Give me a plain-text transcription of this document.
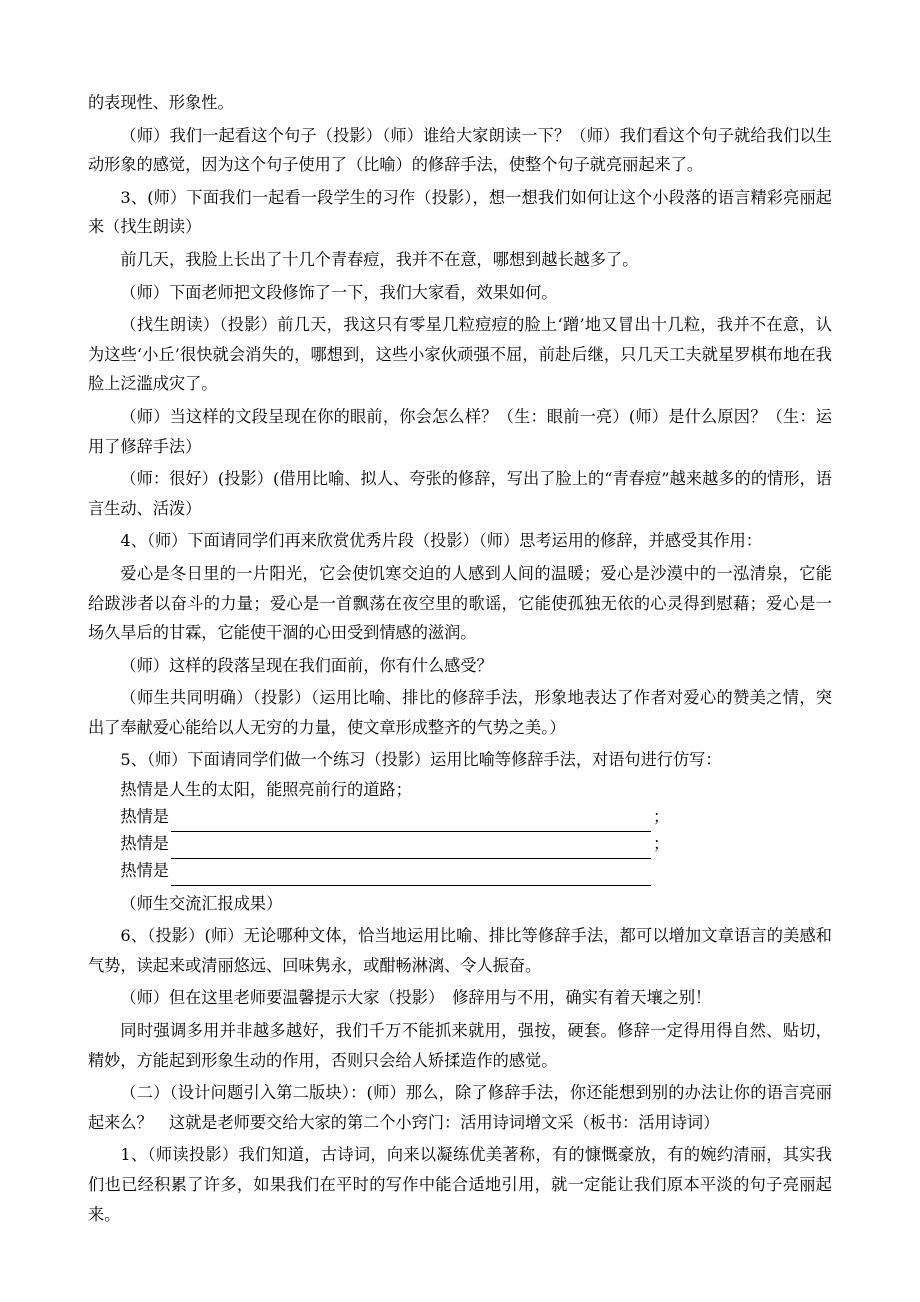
的表现性、形象性。

（师）我们一起看这个句子（投影）（师）谁给大家朗读一下？（师）我们看这个句子就给我们以生动形象的感觉，因为这个句子使用了（比喻）的修辞手法，使整个句子就亮丽起来了。

3、(师）下面我们一起看一段学生的习作（投影），想一想我们如何让这个小段落的语言精彩亮丽起来（找生朗读）

前几天，我脸上长出了十几个青春痘，我并不在意，哪想到越长越多了。

（师）下面老师把文段修饰了一下，我们大家看，效果如何。

（找生朗读）（投影）前几天，我这只有零星几粒痘痘的脸上‘蹭’地又冒出十几粒，我并不在意，认为这些‘小丘’很快就会消失的，哪想到，这些小家伙顽强不屈，前赴后继，只几天工夫就星罗棋布地在我脸上泛滥成灾了。

（师）当这样的文段呈现在你的眼前，你会怎么样？（生：眼前一亮）(师）是什么原因？（生：运用了修辞手法）

（师：很好）(投影）(借用比喻、拟人、夸张的修辞，写出了脸上的“青春痘”越来越多的的情形，语言生动、活泼）

4、（师）下面请同学们再来欣赏优秀片段（投影）（师）思考运用的修辞，并感受其作用：

爱心是冬日里的一片阳光，它会使饥寒交迫的人感到人间的温暖；爱心是沙漠中的一泓清泉，它能给跋涉者以奋斗的力量；爱心是一首飘荡在夜空里的歌谣，它能使孤独无依的心灵得到慰藉；爱心是一场久旱后的甘霖，它能使干涸的心田受到情感的滋润。

（师）这样的段落呈现在我们面前，你有什么感受？

（师生共同明确）（投影）（运用比喻、排比的修辞手法，形象地表达了作者对爱心的赞美之情，突出了奉献爱心能给以人无穷的力量，使文章形成整齐的气势之美。）

5、（师）下面请同学们做一个练习（投影）运用比喻等修辞手法，对语句进行仿写：

热情是人生的太阳，能照亮前行的道路；

热情是	；
热情是	；
热情是

（师生交流汇报成果）

6、（投影）(师）无论哪种文体，恰当地运用比喻、排比等修辞手法，都可以增加文章语言的美感和气势，读起来或清丽悠远、回味隽永，或酣畅淋漓、令人振奋。

（师）但在这里老师要温馨提示大家（投影）　修辞用与不用，确实有着天壤之别！

同时强调多用并非越多越好，我们千万不能抓来就用，强按，硬套。修辞一定得用得自然、贴切，精妙，方能起到形象生动的作用，否则只会给人矫揉造作的感觉。

（二）（设计问题引入第二版块）：(师）那么，除了修辞手法，你还能想到别的办法让你的语言亮丽起来么？　这就是老师要交给大家的第二个小窍门：活用诗词增文采（板书：活用诗词）

1、（师读投影）我们知道，古诗词，向来以凝练优美著称，有的慷慨豪放，有的婉约清丽，其实我们也已经积累了许多，如果我们在平时的写作中能合适地引用，就一定能让我们原本平淡的句子亮丽起来。
